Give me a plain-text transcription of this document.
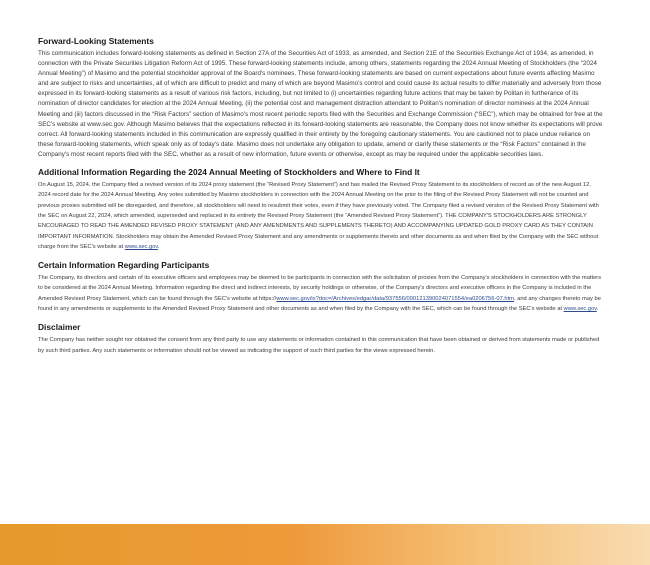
Forward-Looking Statements

This communication includes forward-looking statements as defined in Section 27A of the Securities Act of 1933, as amended, and Section 21E of the Securities Exchange Act of 1934, as amended, in connection with the Private Securities Litigation Reform Act of 1995. These forward-looking statements include, among others, statements regarding the 2024 Annual Meeting of Stockholders (the “2024 Annual Meeting”) of Masimo and the potential stockholder approval of the Board's nominees. These forward-looking statements are based on current expectations about future events affecting Masimo and are subject to risks and uncertainties, all of which are difficult to predict and many of which are beyond Masimo's control and could cause its actual results to differ materially and adversely from those expressed in its forward-looking statements as a result of various risk factors, including, but not limited to (i) uncertainties regarding future actions that may be taken by Politan in furtherance of its nomination of director candidates for election at the 2024 Annual Meeting, (ii) the potential cost and management distraction attendant to Politan's nomination of director nominees at the 2024 Annual Meeting and (iii) factors discussed in the “Risk Factors” section of Masimo's most recent periodic reports filed with the Securities and Exchange Commission (“SEC”), which may be obtained for free at the SEC's website at www.sec.gov. Although Masimo believes that the expectations reflected in its forward-looking statements are reasonable, the Company does not know whether its expectations will prove correct. All forward-looking statements included in this communication are expressly qualified in their entirety by the foregoing cautionary statements. You are cautioned not to place undue reliance on these forward-looking statements, which speak only as of today's date. Masimo does not undertake any obligation to update, amend or clarify these statements or the “Risk Factors” contained in the Company's most recent reports filed with the SEC, whether as a result of new information, future events or otherwise, except as may be required under the applicable securities laws.

Additional Information Regarding the 2024 Annual Meeting of Stockholders and Where to Find It

On August 15, 2024, the Company filed a revised version of its 2024 proxy statement (the “Revised Proxy Statement”) and has mailed the Revised Proxy Statement to its stockholders of record as of the new August 12, 2024 record date for the 2024 Annual Meeting. Any votes submitted by Masimo stockholders in connection with the 2024 Annual Meeting on the prior to the filing of the Revised Proxy Statement will not be counted and previous proxies submitted will be disregarded, and therefore, all stockholders will need to resubmit their votes, even if they have previously voted. The Company filed a revised version of the Revised Proxy Statement with the SEC on August 22, 2024, which amended, superseded and replaced in its entirety the Revised Proxy Statement (the “Amended Revised Proxy Statement”). THE COMPANY'S STOCKHOLDERS ARE STRONGLY ENCOURAGED TO READ THE AMENDED REVISED PROXY STATEMENT (AND ANY AMENDMENTS AND SUPPLEMENTS THERETO) AND ACCOMPANYING UPDATED GOLD PROXY CARD AS THEY CONTAIN IMPORTANT INFORMATION. Stockholders may obtain the Amended Revised Proxy Statement and any amendments or supplements thereto and other documents as and when filed by the Company with the SEC without charge from the SEC's website at www.sec.gov.

Certain Information Regarding Participants

The Company, its directors and certain of its executive officers and employees may be deemed to be participants in connection with the solicitation of proxies from the Company's stockholders in connection with the matters to be considered at the 2024 Annual Meeting. Information regarding the direct and indirect interests, by security holdings or otherwise, of the Company's directors and executive officers in the Company is included in the Amended Revised Proxy Statement, which can be found through the SEC's website at https://www.sec.gov/ix?doc=/Archives/edgar/data/937556/000121390024071554/ea0206756-07.htm, and any changes thereto may be found in any amendments or supplements to the Amended Revised Proxy Statement and other documents as and when filed by the Company with the SEC, which can be found through the SEC's website at www.sec.gov.

Disclaimer

The Company has neither sought nor obtained the consent from any third party to use any statements or information contained in this communication that have been obtained or derived from statements made or published by such third parties. Any such statements or information should not be viewed as indicating the support of such third parties for the views expressed herein.
